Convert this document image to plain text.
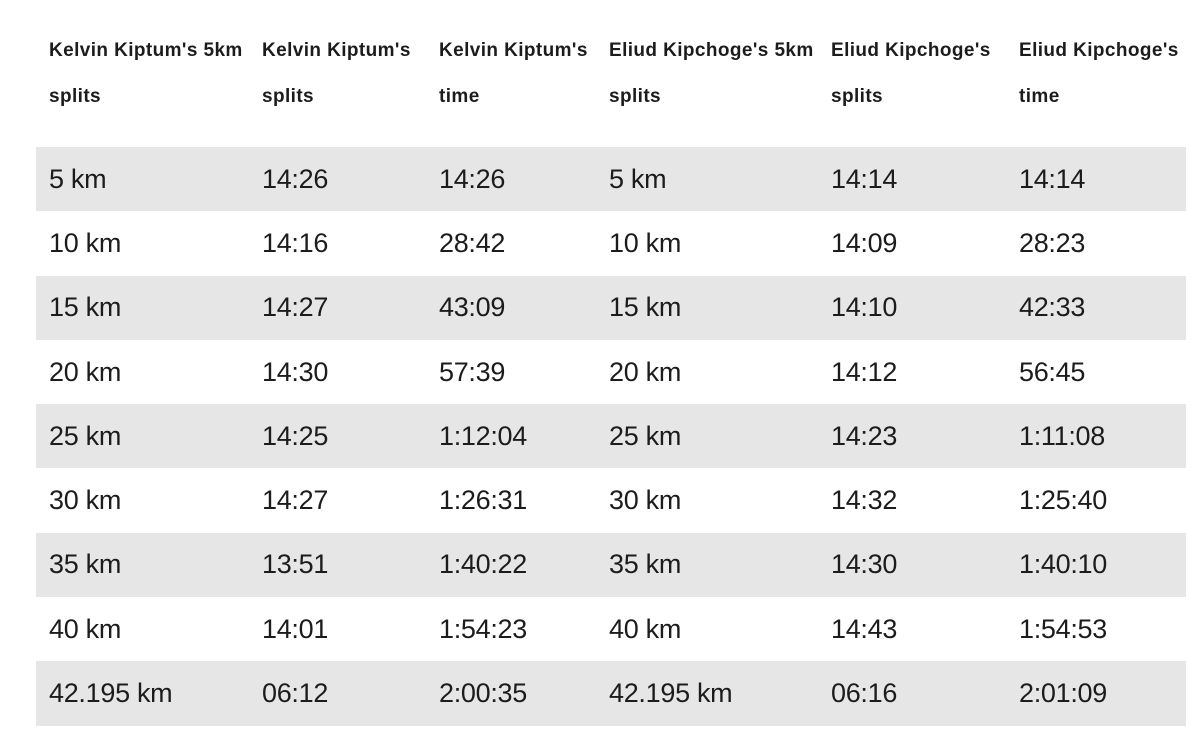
Kelvin Kiptum's 5km splits	Kelvin Kiptum's splits	Kelvin Kiptum's time	Eliud Kipchoge's 5km splits	Eliud Kipchoge's splits	Eliud Kipchoge's time
5 km	14:26	14:26	5 km	14:14	14:14
10 km	14:16	28:42	10 km	14:09	28:23
15 km	14:27	43:09	15 km	14:10	42:33
20 km	14:30	57:39	20 km	14:12	56:45
25 km	14:25	1:12:04	25 km	14:23	1:11:08
30 km	14:27	1:26:31	30 km	14:32	1:25:40
35 km	13:51	1:40:22	35 km	14:30	1:40:10
40 km	14:01	1:54:23	40 km	14:43	1:54:53
42.195 km	06:12	2:00:35	42.195 km	06:16	2:01:09
